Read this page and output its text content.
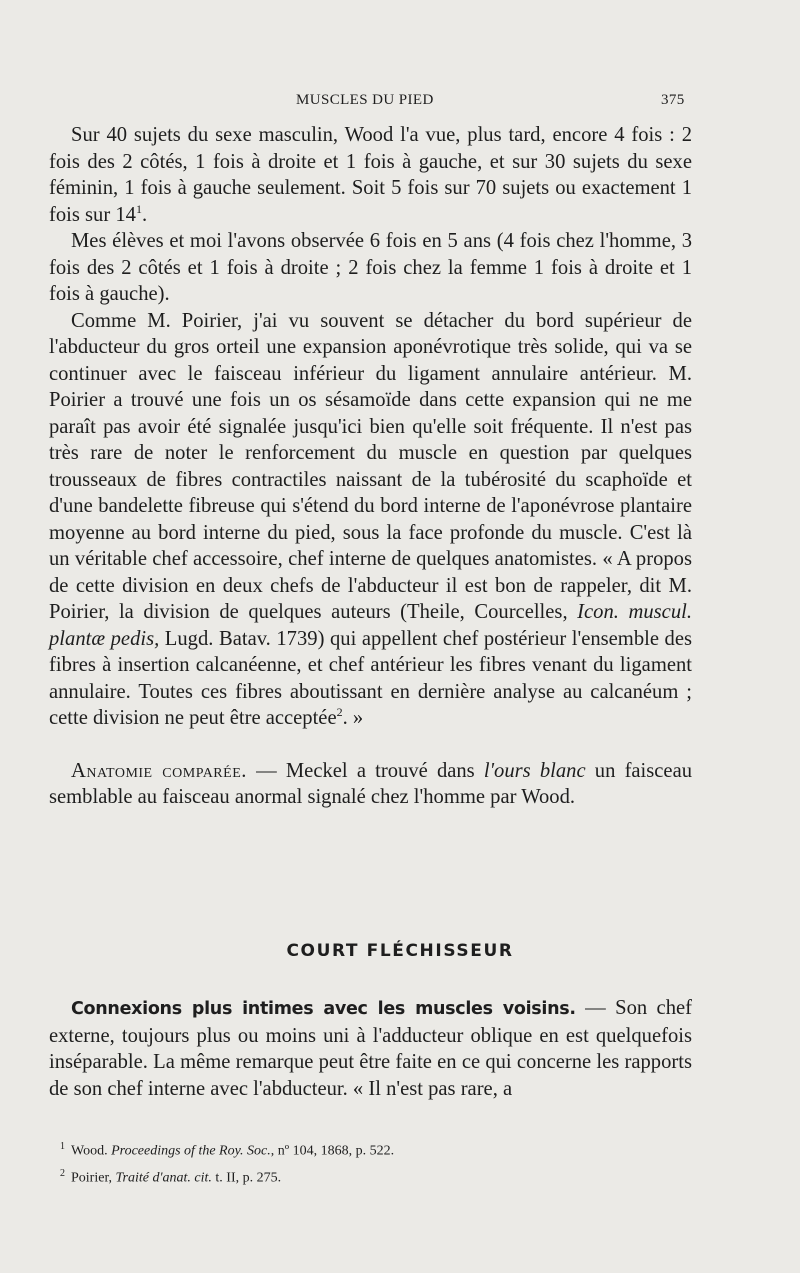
MUSCLES DU PIED	375

Sur 40 sujets du sexe masculin, Wood l'a vue, plus tard, encore 4 fois : 2 fois des 2 côtés, 1 fois à droite et 1 fois à gauche, et sur 30 sujets du sexe féminin, 1 fois à gauche seulement. Soit 5 fois sur 70 sujets ou exactement 1 fois sur $14^1$.

Mes élèves et moi l'avons observée 6 fois en 5 ans (4 fois chez l'homme, 3 fois des 2 côtés et 1 fois à droite ; 2 fois chez la femme 1 fois à droite et 1 fois à gauche).

Comme M. Poirier, j'ai vu souvent se détacher du bord supérieur de l'abducteur du gros orteil une expansion aponévrotique très solide, qui va se continuer avec le faisceau inférieur du ligament annulaire antérieur. M. Poirier a trouvé une fois un os sésamoïde dans cette expansion qui ne me paraît pas avoir été signalée jusqu'ici bien qu'elle soit fréquente. Il n'est pas très rare de noter le renforcement du muscle en question par quelques trousseaux de fibres contractiles naissant de la tubérosité du scaphoïde et d'une bandelette fibreuse qui s'étend du bord interne de l'aponévrose plantaire moyenne au bord interne du pied, sous la face profonde du muscle. C'est là un véritable chef accessoire, chef interne de quelques anatomistes. « A propos de cette division en deux chefs de l'abducteur il est bon de rappeler, dit M. Poirier, la division de quelques auteurs (Theile, Courcelles, Icon. muscul. plantæ pedis, Lugd. Batav. 1739) qui appellent chef postérieur l'ensemble des fibres à insertion calcanéenne, et chef antérieur les fibres venant du ligament annulaire. Toutes ces fibres aboutissant en dernière analyse au calcanéum ; cette division ne peut être acceptée$^2$. »

Anatomie comparée. — Meckel a trouvé dans l'ours blanc un faisceau semblable au faisceau anormal signalé chez l'homme par Wood.

COURT FLÉCHISSEUR

Connexions plus intimes avec les muscles voisins. — Son chef externe, toujours plus ou moins uni à l'adducteur oblique en est quelquefois inséparable. La même remarque peut être faite en ce qui concerne les rapports de son chef interne avec l'abducteur. « Il n'est pas rare, a

$^1$ Wood. Proceedings of the Roy. Soc., nº 104, 1868, p. 522.

$^2$ Poirier, Traité d'anat. cit. t. II, p. 275.
